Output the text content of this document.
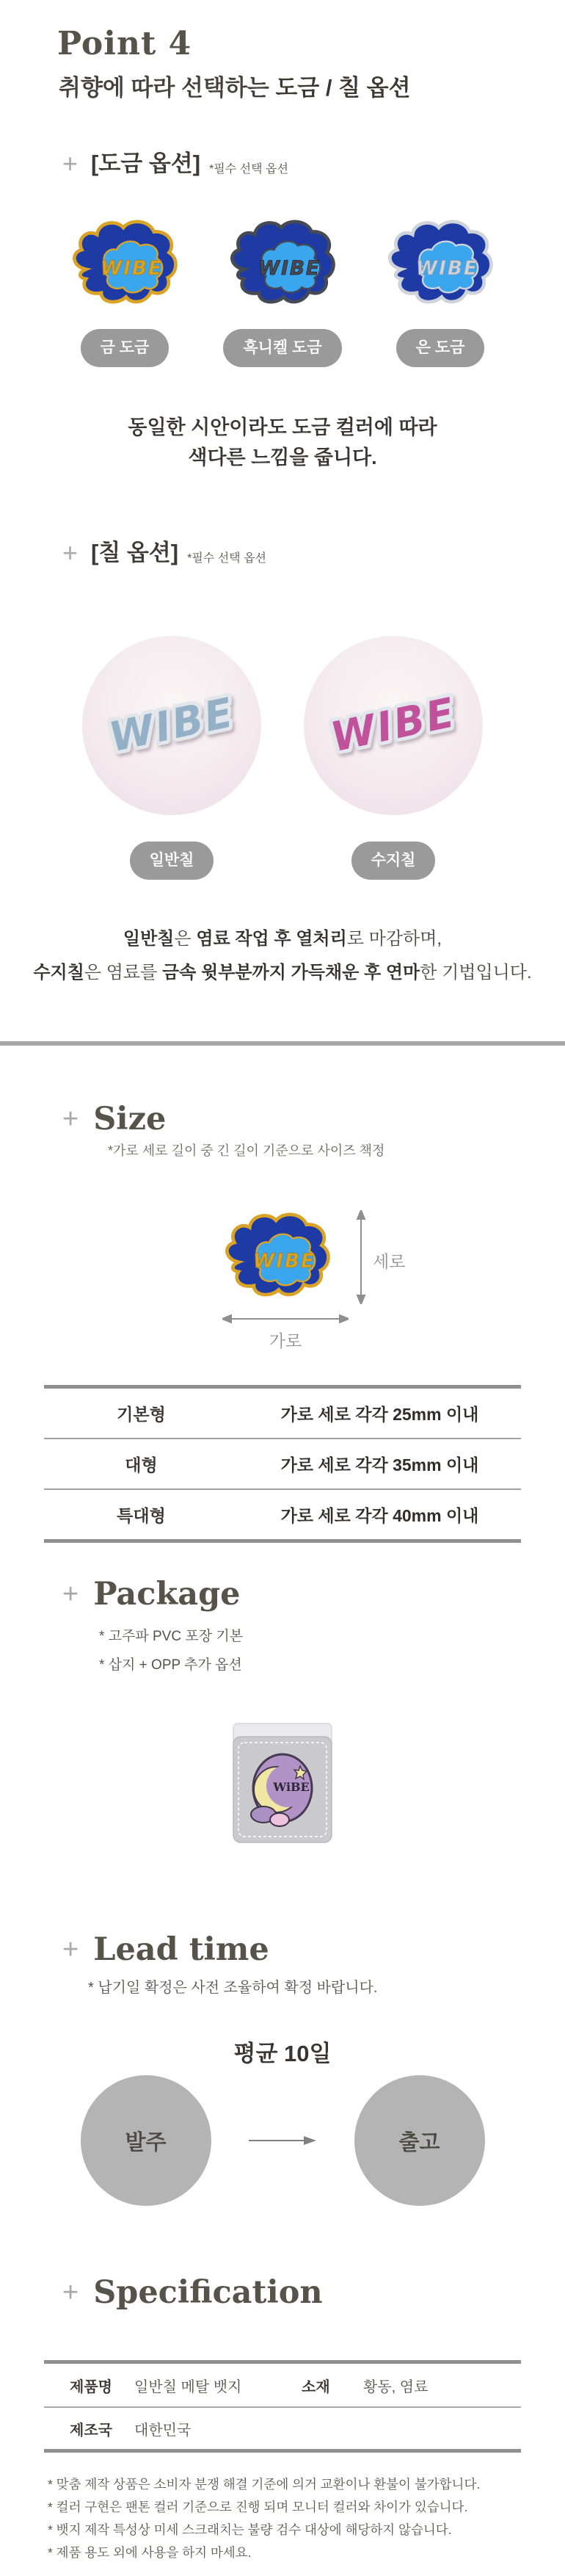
Point 4
취향에 따라 선택하는 도금 / 칠 옵션
+ [도금 옵션] *필수 선택 옵션
WIBE	WIBE	WIBE
금 도금	흑니켈 도금	은 도금
동일한 시안이라도 도금 컬러에 따라
색다른 느낌을 줍니다.
+ [칠 옵션] *필수 선택 옵션
WIBE WIBE
일반칠	수지칠
일반칠은 염료 작업 후 열처리로 마감하며,
수지칠은 염료를 금속 윗부분까지 가득채운 후 연마한 기법입니다.
+ Size
*가로 세로 길이 중 긴 길이 기준으로 사이즈 책정
WIBE	세로
가로
기본형	가로 세로 각각 25mm 이내
대형	가로 세로 각각 35mm 이내
특대형	가로 세로 각각 40mm 이내
+ Package
* 고주파 PVC 포장 기본
* 삽지 + OPP 추가 옵션
WiBE
+ Lead time
* 납기일 확정은 사전 조율하여 확정 바랍니다.
평균 10일
발주	출고
+ Specification
제품명	일반칠 메탈 뱃지	소재	황동, 염료
제조국	대한민국
* 맞춤 제작 상품은 소비자 분쟁 해결 기준에 의거 교환이나 환불이 불가합니다.
* 컬러 구현은 팬톤 컬러 기준으로 진행 되며 모니터 컬러와 차이가 있습니다.
* 뱃지 제작 특성상 미세 스크래치는 불량 검수 대상에 해당하지 않습니다.
* 제품 용도 외에 사용을 하지 마세요.
